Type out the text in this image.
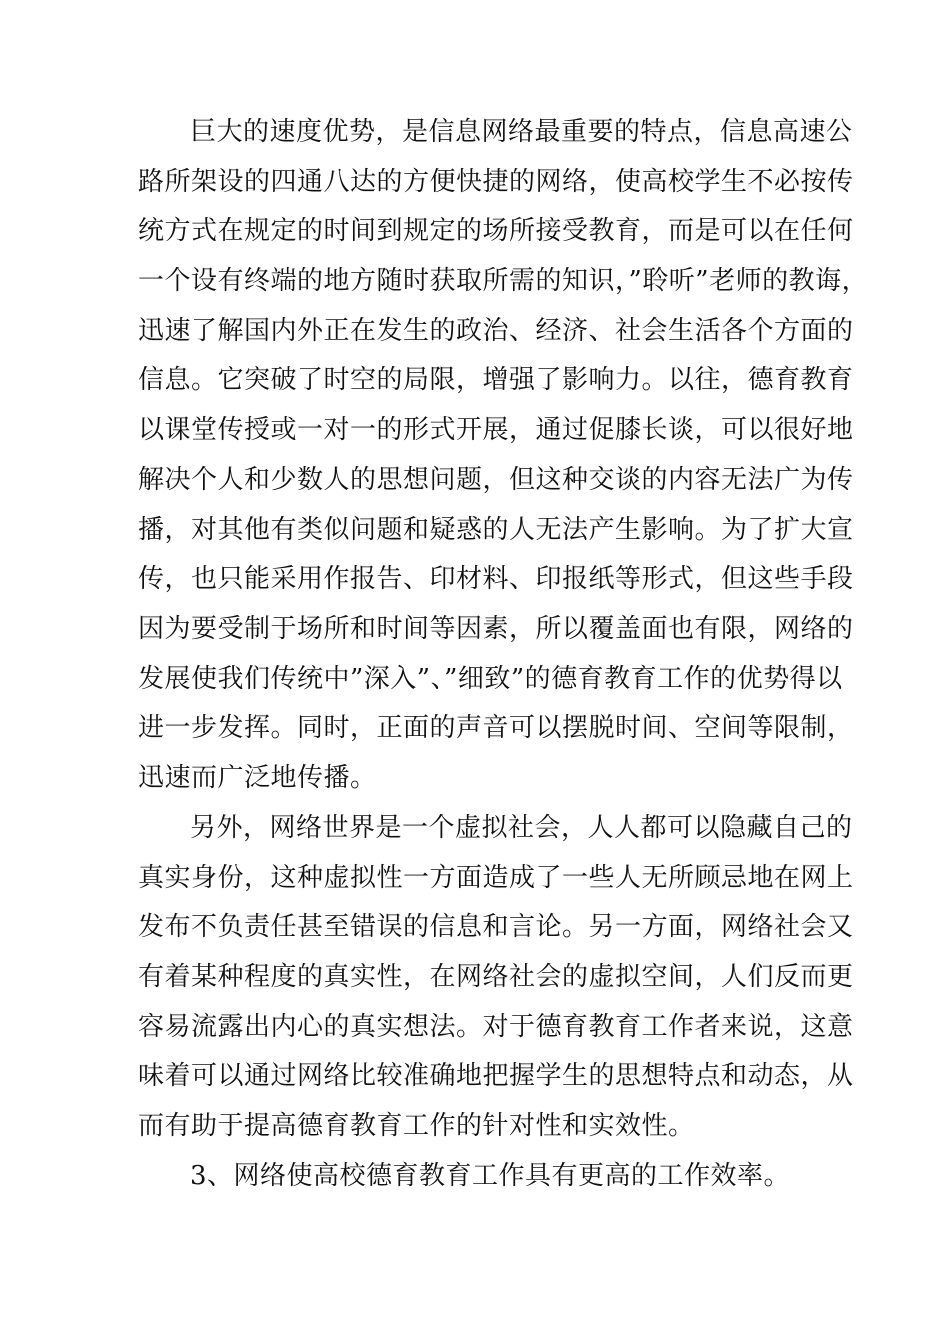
巨大的速度优势，是信息网络最重要的特点，信息高速公
路所架设的四通八达的方便快捷的网络，使高校学生不必按传
统方式在规定的时间到规定的场所接受教育，而是可以在任何
一个设有终端的地方随时获取所需的知识，”聆听”老师的教诲，
迅速了解国内外正在发生的政治、经济、社会生活各个方面的
信息。它突破了时空的局限，增强了影响力。以往，德育教育
以课堂传授或一对一的形式开展，通过促膝长谈，可以很好地
解决个人和少数人的思想问题，但这种交谈的内容无法广为传
播，对其他有类似问题和疑惑的人无法产生影响。为了扩大宣
传，也只能采用作报告、印材料、印报纸等形式，但这些手段
因为要受制于场所和时间等因素，所以覆盖面也有限，网络的
发展使我们传统中”深入”、”细致”的德育教育工作的优势得以
进一步发挥。同时，正面的声音可以摆脱时间、空间等限制，
迅速而广泛地传播。
另外，网络世界是一个虚拟社会，人人都可以隐藏自己的
真实身份，这种虚拟性一方面造成了一些人无所顾忌地在网上
发布不负责任甚至错误的信息和言论。另一方面，网络社会又
有着某种程度的真实性，在网络社会的虚拟空间，人们反而更
容易流露出内心的真实想法。对于德育教育工作者来说，这意
味着可以通过网络比较准确地把握学生的思想特点和动态，从
而有助于提高德育教育工作的针对性和实效性。
3、网络使高校德育教育工作具有更高的工作效率。
